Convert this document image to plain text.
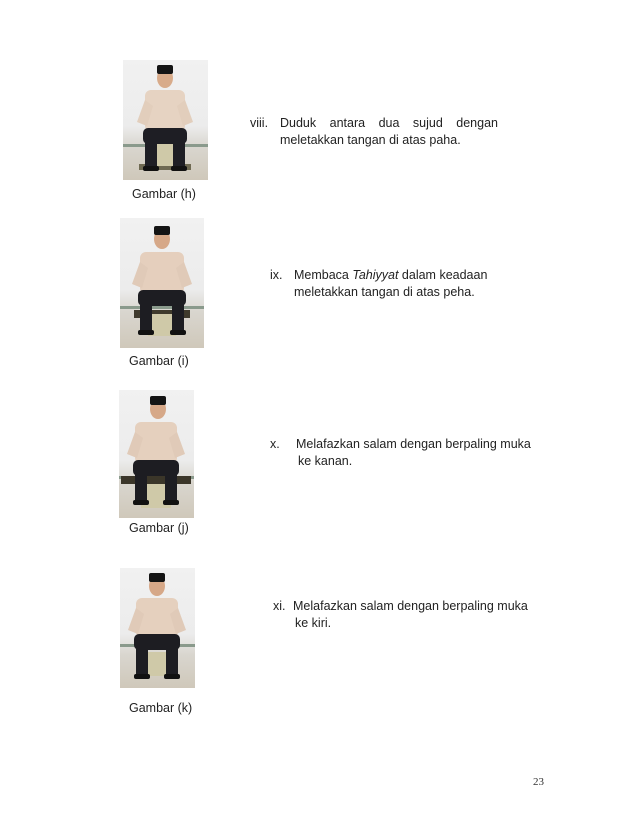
Gambar (h)
viii. Duduk antara dua sujud dengan
meletakkan tangan di atas paha.
Gambar (i)
ix. Membaca Tahiyyat dalam keadaan
meletakkan tangan di atas peha.
Gambar (j)
x. Melafazkan salam dengan berpaling muka
ke kanan.
Gambar (k)
xi. Melafazkan salam dengan berpaling muka
ke kiri.
23
